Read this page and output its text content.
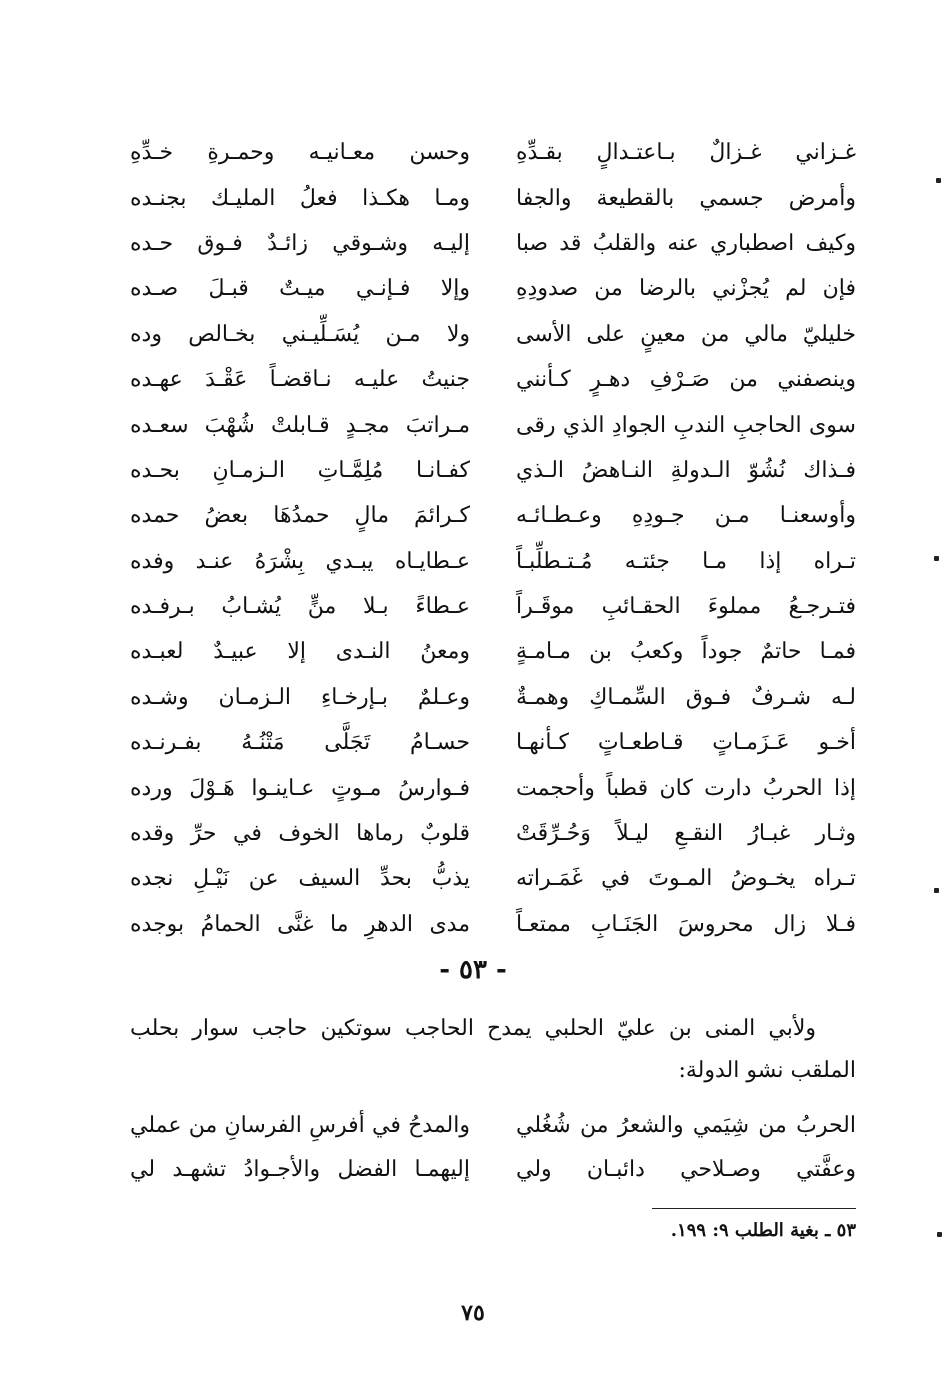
غـزاني غـزالٌ بـاعتـدالٍ بقـدِّهِ
وحسن معـانيـه وحمـرةِ خـدِّهِ
وأمرض جسمي بالقطيعة والجفا
ومـا هكـذا فعلُ المليـك بجنـده
وكيف اصطباري عنه والقلبُ قد صبا
إليـه وشـوقي زائـدٌ فـوق حـده
فإن لم يُجزْني بالرضا من صدودِهِ
وإلا فـإنـي ميـتٌ قبـلَ صـده
خليليّ مالي من معينٍ على الأسى
ولا مـن يُسَـلِّيـني بخـالص وده
وينصفني من صَـرْفِ دهـرٍ كـأنني
جنيتُ عليـه نـاقضـاً عَقْـدَ عهـده
سوى الحاجبِ الندبِ الجوادِ الذي رقى
مـراتبَ مجـدٍ قـابلتْ شُهْبَ سعـده
فـذاك نُشُوّ الـدولةِ النـاهضُ الـذي
كفـانـا مُلِمَّـاتِ الـزمـانِ بحـده
وأوسعنـا مـن جـودِهِ وعـطـائـه
كـرائمَ مالٍ حمدُهَا بعضُ حمده
تـراه إذا مـا جئتـه مُـتـطلِّبـاً
عـطايـاه يبـدي بِشْرَهُ عنـد وفده
فتـرجـعُ مملوءَ الحقـائبِ موقَـراً
عـطاءً بـلا منٍّ يُشـابُ بـرفـده
فمـا حاتمٌ جوداً وكعبُ بن مـامـةٍ
ومعنُ النـدى إلا عبيـدٌ لعبـده
لـه شـرفٌ فـوق السِّمـاكِ وهمـةٌ
وعـلمٌ بـإرخـاءِ الـزمـان وشـده
أخـو عَـزَمـاتٍ قـاطعـاتٍ كـأنهـا
حسـامُ تَجَلَّى مَتْنُـهُ بفـرنـده
إذا الحربُ دارت كان قطباً وأحجمت
فـوارسُ مـوتٍ عـاينـوا هَـوْلَ ورده
وثـار غبـارُ النقـعِ ليـلاً وَحُـرِّقَتْ
قلوبٌ رماها الخوف في حرِّ وقده
تـراه يخـوضُ المـوتَ في غَمَـراته
يذبُّ بحدِّ السيف عن نَيْـلِ نجده
فـلا زال محروسَ الجَنَـابِ ممتعـاً
مدى الدهرِ ما غنَّى الحمامُ بوجده
- ٥٣ -
ولأبي المنى بن عليّ الحلبي يمدح الحاجب سوتكين حاجب سوار بحلب الملقب نشو الدولة:
الحربُ من شِيَمي والشعرُ من شُغُلي
والمدحُ في أفرسِ الفرسانِ من عملي
وعفَّتي وصـلاحي دائبـان ولي
إليهمـا الفضل والأجـوادُ تشهـد لي
٥٣ ـ بغية الطلب ٩: ١٩٩.
٧٥
